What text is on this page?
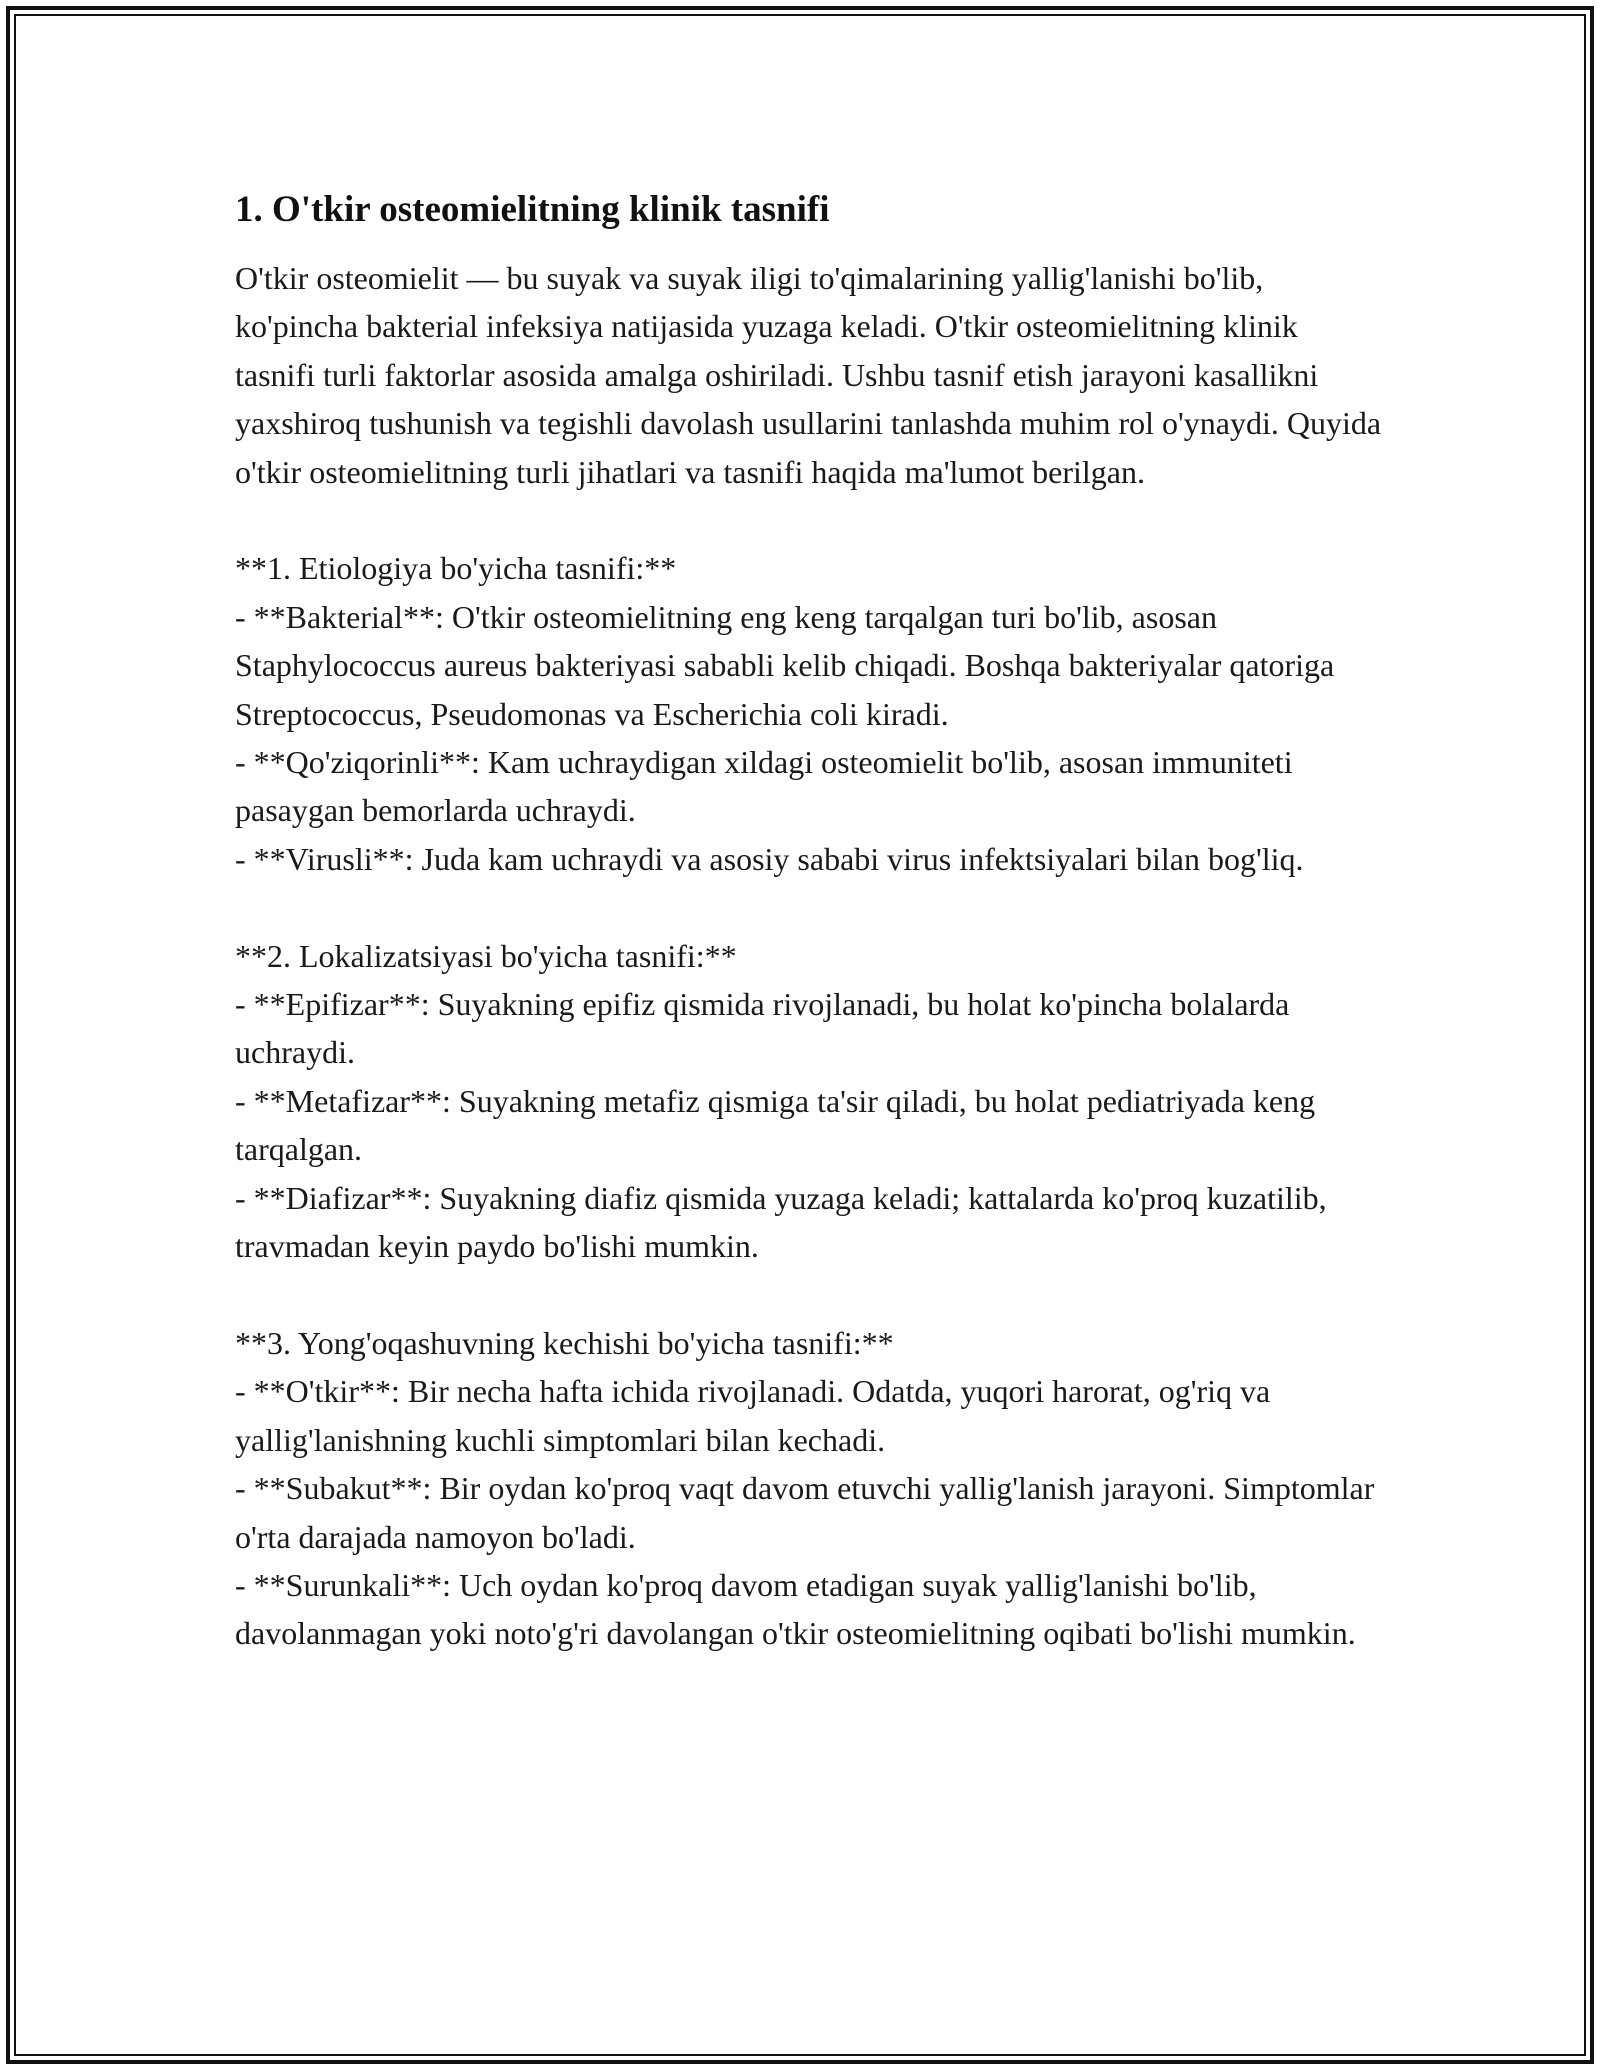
1. O'tkir osteomielitning klinik tasnifi

O'tkir osteomielit — bu suyak va suyak iligi to'qimalarining yallig'lanishi bo'lib, ko'pincha bakterial infeksiya natijasida yuzaga keladi. O'tkir osteomielitning klinik tasnifi turli faktorlar asosida amalga oshiriladi. Ushbu tasnif etish jarayoni kasallikni yaxshiroq tushunish va tegishli davolash usullarini tanlashda muhim rol o'ynaydi. Quyida o'tkir osteomielitning turli jihatlari va tasnifi haqida ma'lumot berilgan.

**1. Etiologiya bo'yicha tasnifi:**

- **Bakterial**: O'tkir osteomielitning eng keng tarqalgan turi bo'lib, asosan Staphylococcus aureus bakteriyasi sababli kelib chiqadi. Boshqa bakteriyalar qatoriga Streptococcus, Pseudomonas va Escherichia coli kiradi.

- **Qo'ziqorinli**: Kam uchraydigan xildagi osteomielit bo'lib, asosan immuniteti pasaygan bemorlarda uchraydi.

- **Virusli**: Juda kam uchraydi va asosiy sababi virus infektsiyalari bilan bog'liq.

**2. Lokalizatsiyasi bo'yicha tasnifi:**

- **Epifizar**: Suyakning epifiz qismida rivojlanadi, bu holat ko'pincha bolalarda uchraydi.

- **Metafizar**: Suyakning metafiz qismiga ta'sir qiladi, bu holat pediatriyada keng tarqalgan.

- **Diafizar**: Suyakning diafiz qismida yuzaga keladi; kattalarda ko'proq kuzatilib, travmadan keyin paydo bo'lishi mumkin.

**3. Yong'oqashuvning kechishi bo'yicha tasnifi:**

- **O'tkir**: Bir necha hafta ichida rivojlanadi. Odatda, yuqori harorat, og'riq va yallig'lanishning kuchli simptomlari bilan kechadi.

- **Subakut**: Bir oydan ko'proq vaqt davom etuvchi yallig'lanish jarayoni. Simptomlar o'rta darajada namoyon bo'ladi.

- **Surunkali**: Uch oydan ko'proq davom etadigan suyak yallig'lanishi bo'lib, davolanmagan yoki noto'g'ri davolangan o'tkir osteomielitning oqibati bo'lishi mumkin.
